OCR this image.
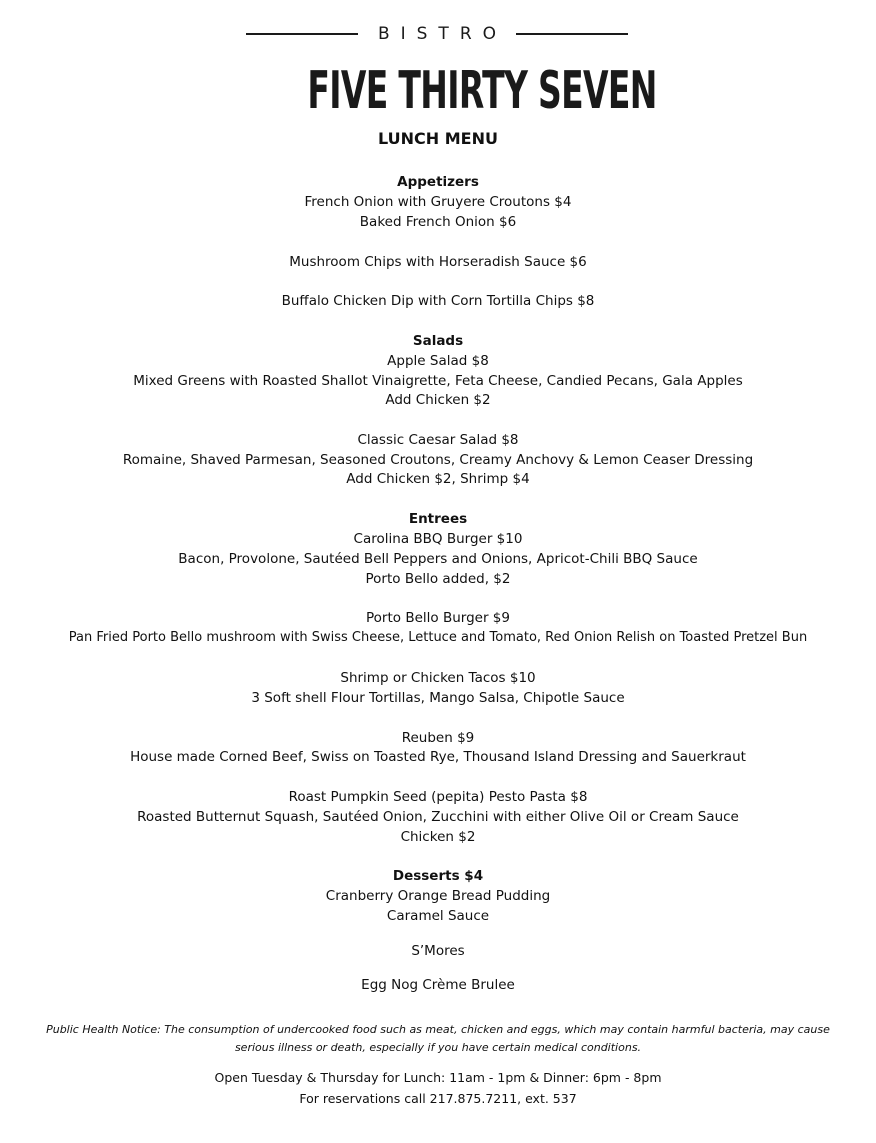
BISTRO
FIVE THIRTY SEVEN
LUNCH MENU
Appetizers
French Onion with Gruyere Croutons $4
Baked French Onion $6
Mushroom Chips with Horseradish Sauce $6
Buffalo Chicken Dip with Corn Tortilla Chips $8
Salads
Apple Salad $8
Mixed Greens with Roasted Shallot Vinaigrette, Feta Cheese, Candied Pecans, Gala Apples
Add Chicken $2
Classic Caesar Salad $8
Romaine, Shaved Parmesan, Seasoned Croutons, Creamy Anchovy & Lemon Ceaser Dressing
Add Chicken $2, Shrimp $4
Entrees
Carolina BBQ Burger $10
Bacon, Provolone, Sautéed Bell Peppers and Onions, Apricot-Chili BBQ Sauce
Porto Bello added, $2
Porto Bello Burger $9
Pan Fried Porto Bello mushroom with Swiss Cheese, Lettuce and Tomato, Red Onion Relish on Toasted Pretzel Bun
Shrimp or Chicken Tacos $10
3 Soft shell Flour Tortillas, Mango Salsa, Chipotle Sauce
Reuben $9
House made Corned Beef, Swiss on Toasted Rye, Thousand Island Dressing and Sauerkraut
Roast Pumpkin Seed (pepita) Pesto Pasta $8
Roasted Butternut Squash, Sautéed Onion, Zucchini with either Olive Oil or Cream Sauce
Chicken $2
Desserts $4
Cranberry Orange Bread Pudding
Caramel Sauce
S’Mores
Egg Nog Crème Brulee
Public Health Notice: The consumption of undercooked food such as meat, chicken and eggs, which may contain harmful bacteria, may cause serious illness or death, especially if you have certain medical conditions.
Open Tuesday & Thursday for Lunch: 11am - 1pm & Dinner: 6pm - 8pm
For reservations call 217.875.7211, ext. 537
